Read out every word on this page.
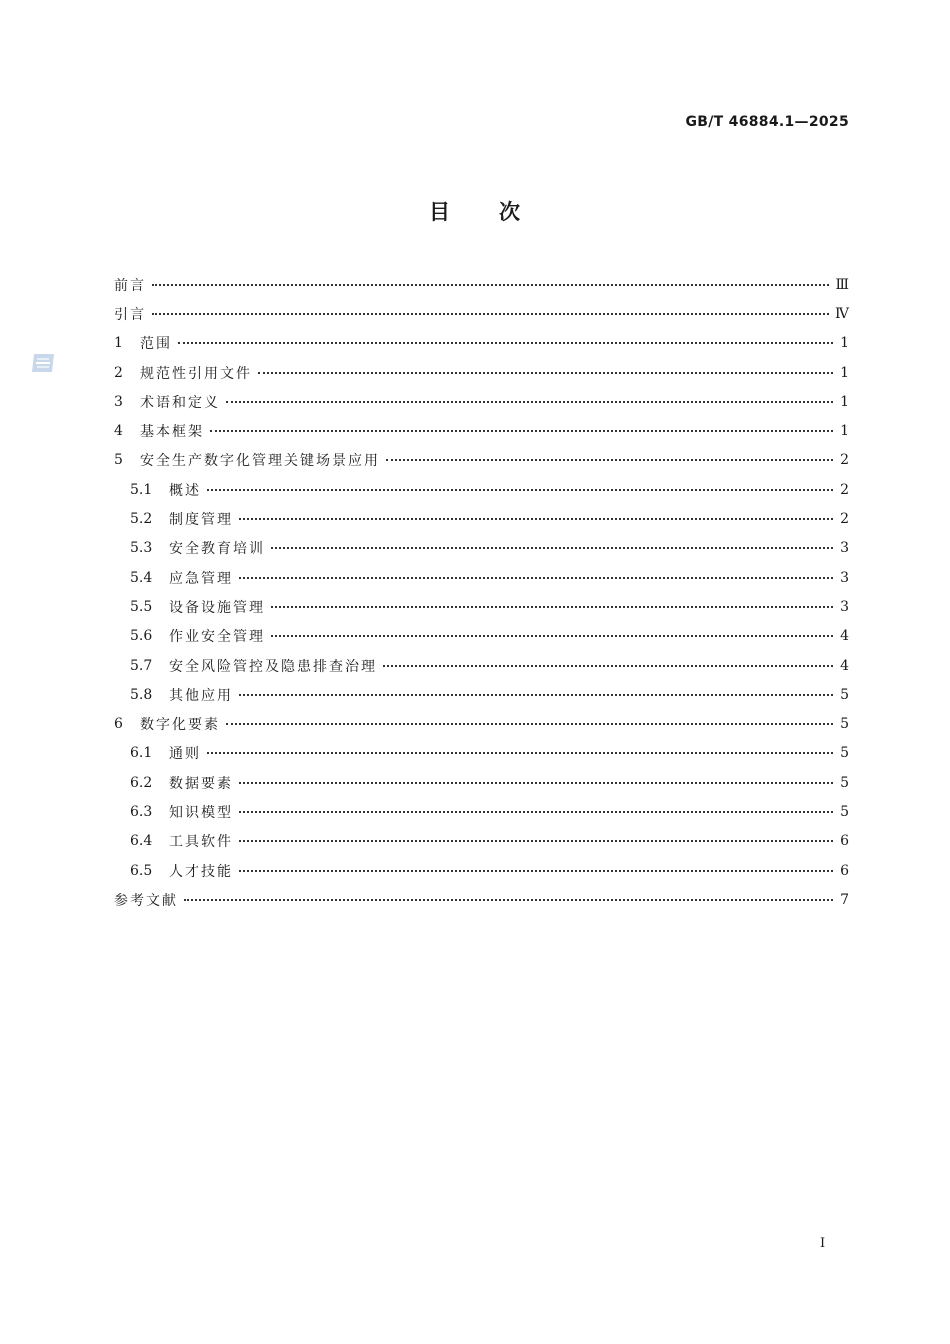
GB/T 46884.1—2025
目 次
前言	Ⅲ
引言	Ⅳ
1	范围	1
2	规范性引用文件	1
3	术语和定义	1
4	基本框架	1
5	安全生产数字化管理关键场景应用	2
5.1	概述	2
5.2	制度管理	2
5.3	安全教育培训	3
5.4	应急管理	3
5.5	设备设施管理	3
5.6	作业安全管理	4
5.7	安全风险管控及隐患排查治理	4
5.8	其他应用	5
6	数字化要素	5
6.1	通则	5
6.2	数据要素	5
6.3	知识模型	5
6.4	工具软件	6
6.5	人才技能	6
参考文献	7
I
